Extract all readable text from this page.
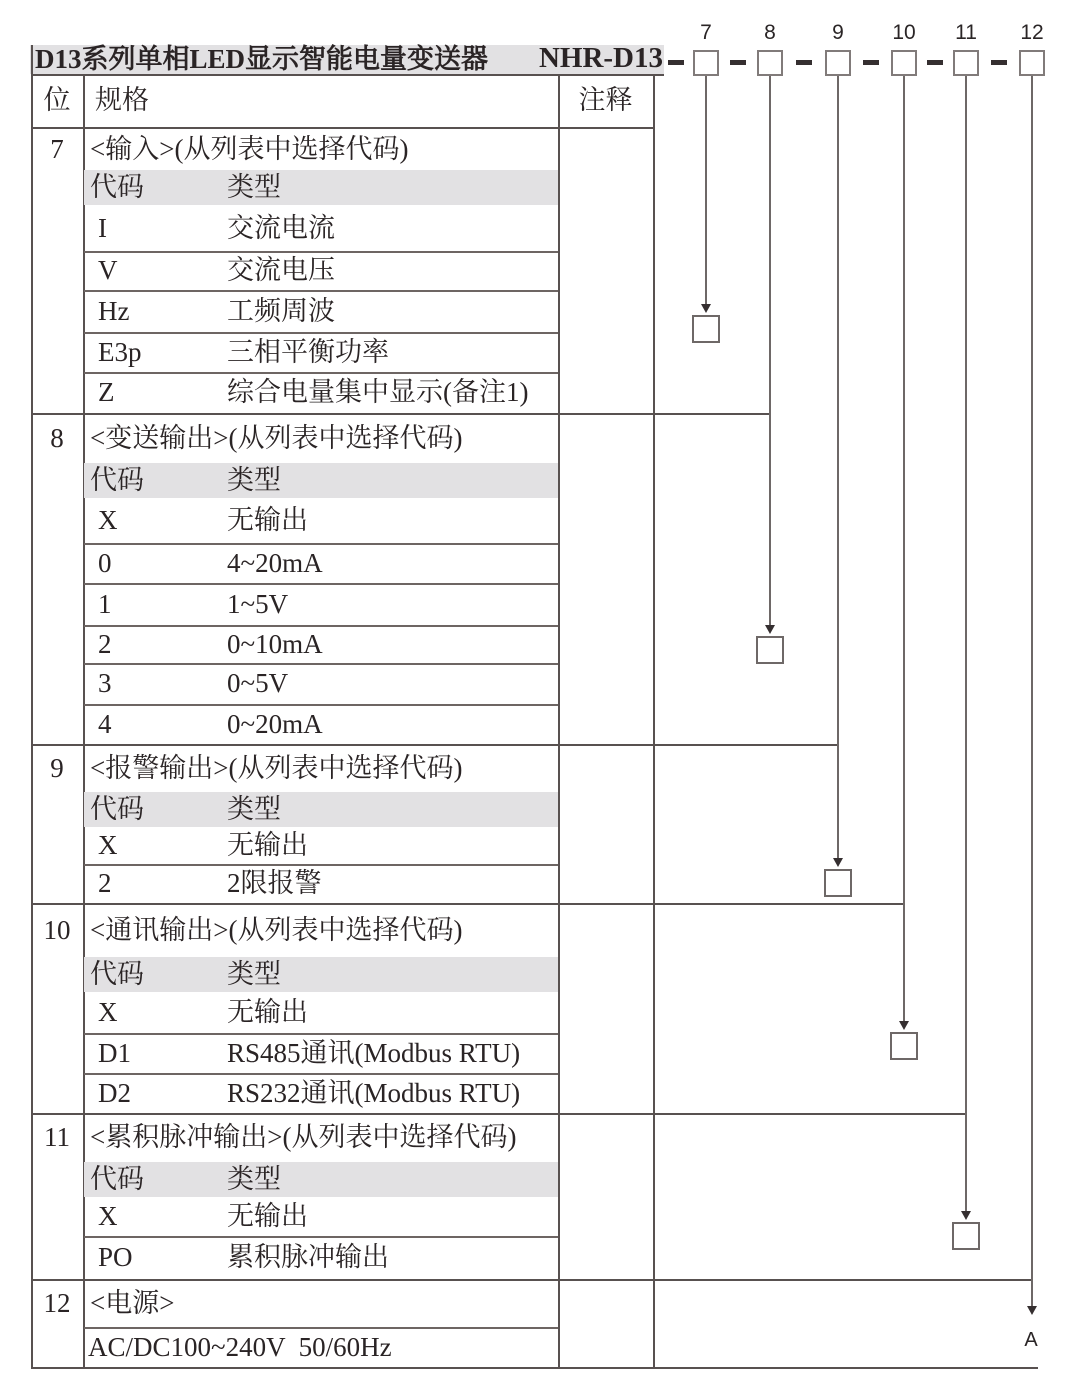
D13系列单相LED显示智能电量变送器 NHR-D13
位 规格	注释
7 <输入>(从列表中选择代码)
代码	类型
I	交流电流
V	交流电压
Hz	工频周波
E3p	三相平衡功率
Z	综合电量集中显示(备注1)
8 <变送输出>(从列表中选择代码)
代码	类型
X	无输出
0	4~20mA
1	1~5V
2	0~10mA
3	0~5V
4	0~20mA
9 <报警输出>(从列表中选择代码)
代码	类型
X	无输出
2	2限报警
10 <通讯输出>(从列表中选择代码)
代码	类型
X	无输出
D1	RS485通讯(Modbus RTU)
D2	RS232通讯(Modbus RTU)
11 <累积脉冲输出>(从列表中选择代码)
代码	类型
X	无输出
PO	累积脉冲输出
12 <电源>
AC/DC100~240V  50/60Hz
7	8	9	10	11	12
A
